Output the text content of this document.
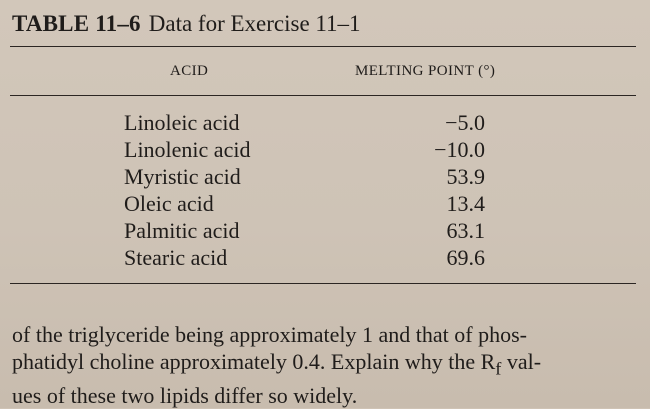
TABLE 11–6 Data for Exercise 11–1
ACID	MELTING POINT (°)
Linoleic acid	−5.0
Linolenic acid	−10.0
Myristic acid	53.9
Oleic acid	13.4
Palmitic acid	63.1
Stearic acid	69.6
of the triglyceride being approximately 1 and that of phos-
phatidyl choline approximately 0.4. Explain why the $R_f$ val-
ues of these two lipids differ so widely.
